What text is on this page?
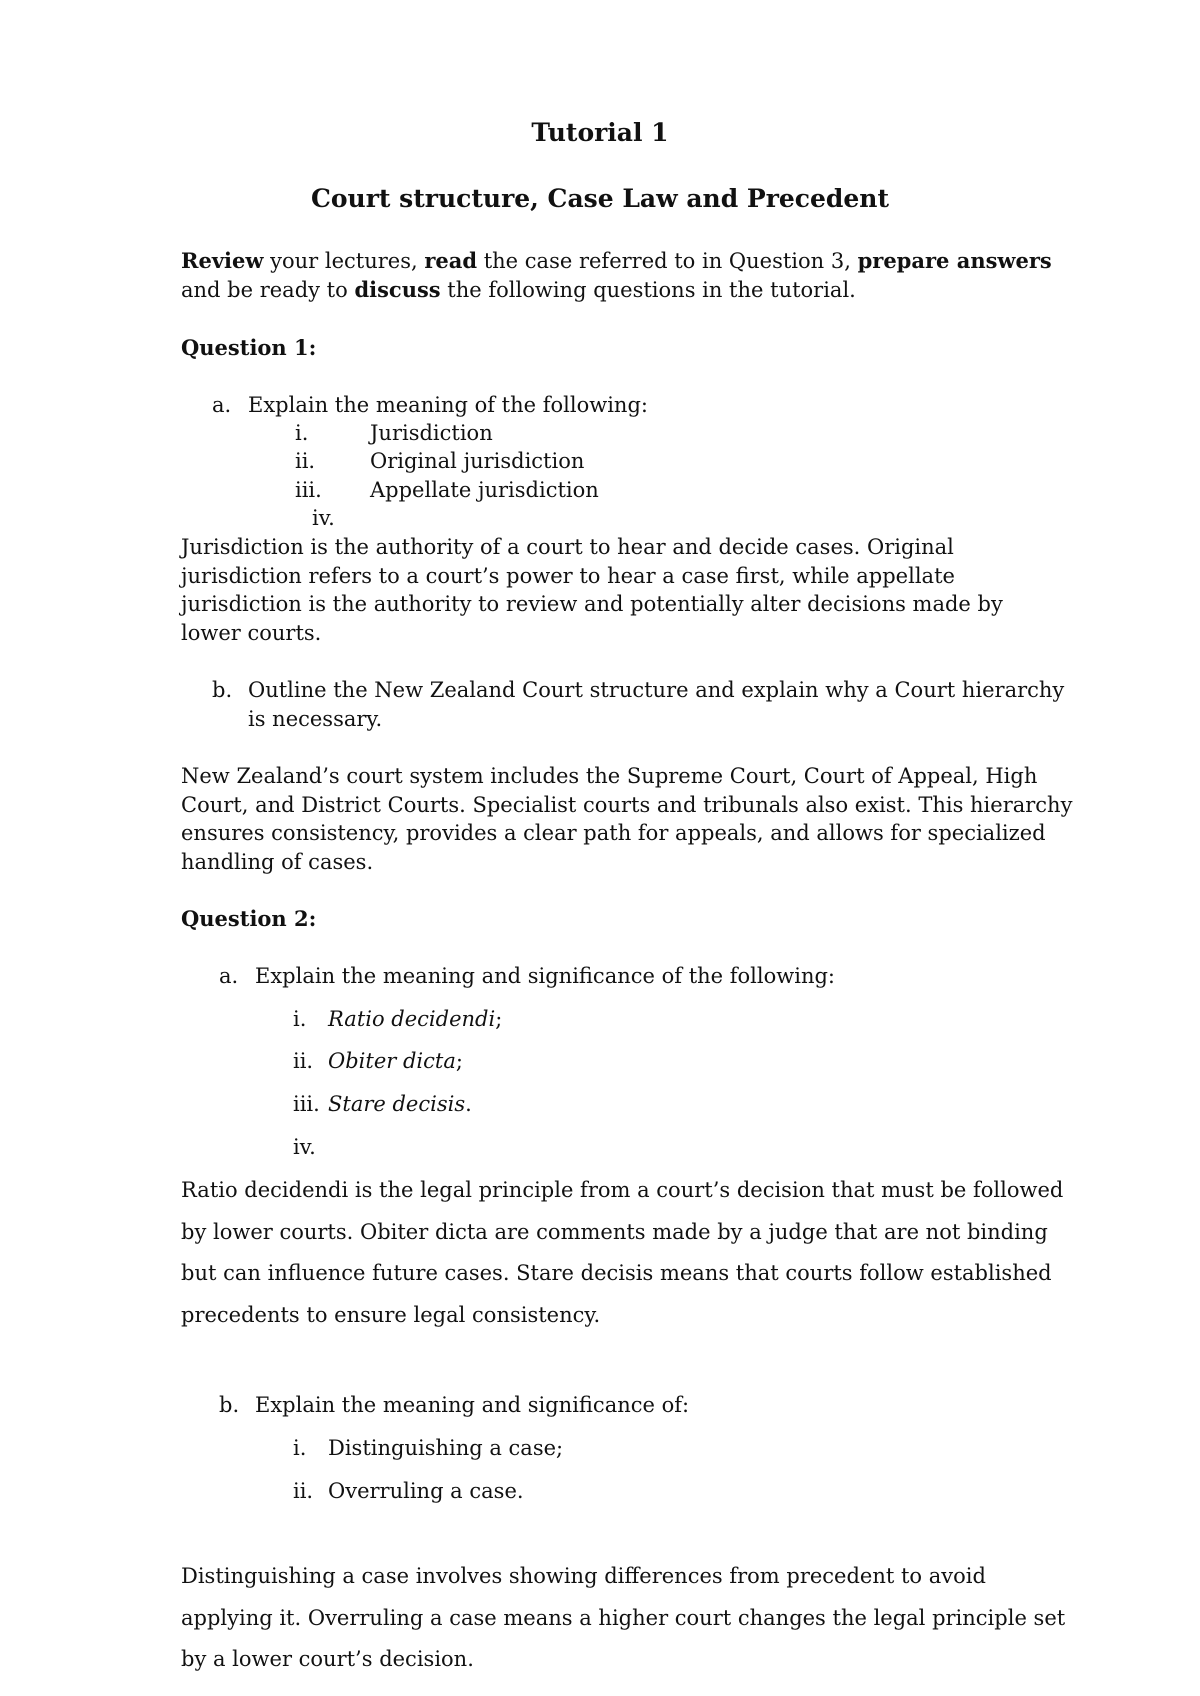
Tutorial 1
Court structure, Case Law and Precedent
Review your lectures, read the case referred to in Question 3, prepare answers
and be ready to discuss the following questions in the tutorial.
Question 1:
a. Explain the meaning of the following:
i.	Jurisdiction
ii.	Original jurisdiction
iii. Appellate jurisdiction
iv.
Jurisdiction is the authority of a court to hear and decide cases. Original
jurisdiction refers to a court’s power to hear a case first, while appellate
jurisdiction is the authority to review and potentially alter decisions made by
lower courts.
b. Outline the New Zealand Court structure and explain why a Court hierarchy
is necessary.
New Zealand’s court system includes the Supreme Court, Court of Appeal, High
Court, and District Courts. Specialist courts and tribunals also exist. This hierarchy
ensures consistency, provides a clear path for appeals, and allows for specialized
handling of cases.
Question 2:
a. Explain the meaning and significance of the following:
i. Ratio decidendi;
ii. Obiter dicta;
iii. Stare decisis.
iv.
Ratio decidendi is the legal principle from a court’s decision that must be followed
by lower courts. Obiter dicta are comments made by a judge that are not binding
but can influence future cases. Stare decisis means that courts follow established
precedents to ensure legal consistency.
b. Explain the meaning and significance of:
i. Distinguishing a case;
ii. Overruling a case.
Distinguishing a case involves showing differences from precedent to avoid
applying it. Overruling a case means a higher court changes the legal principle set
by a lower court’s decision.
